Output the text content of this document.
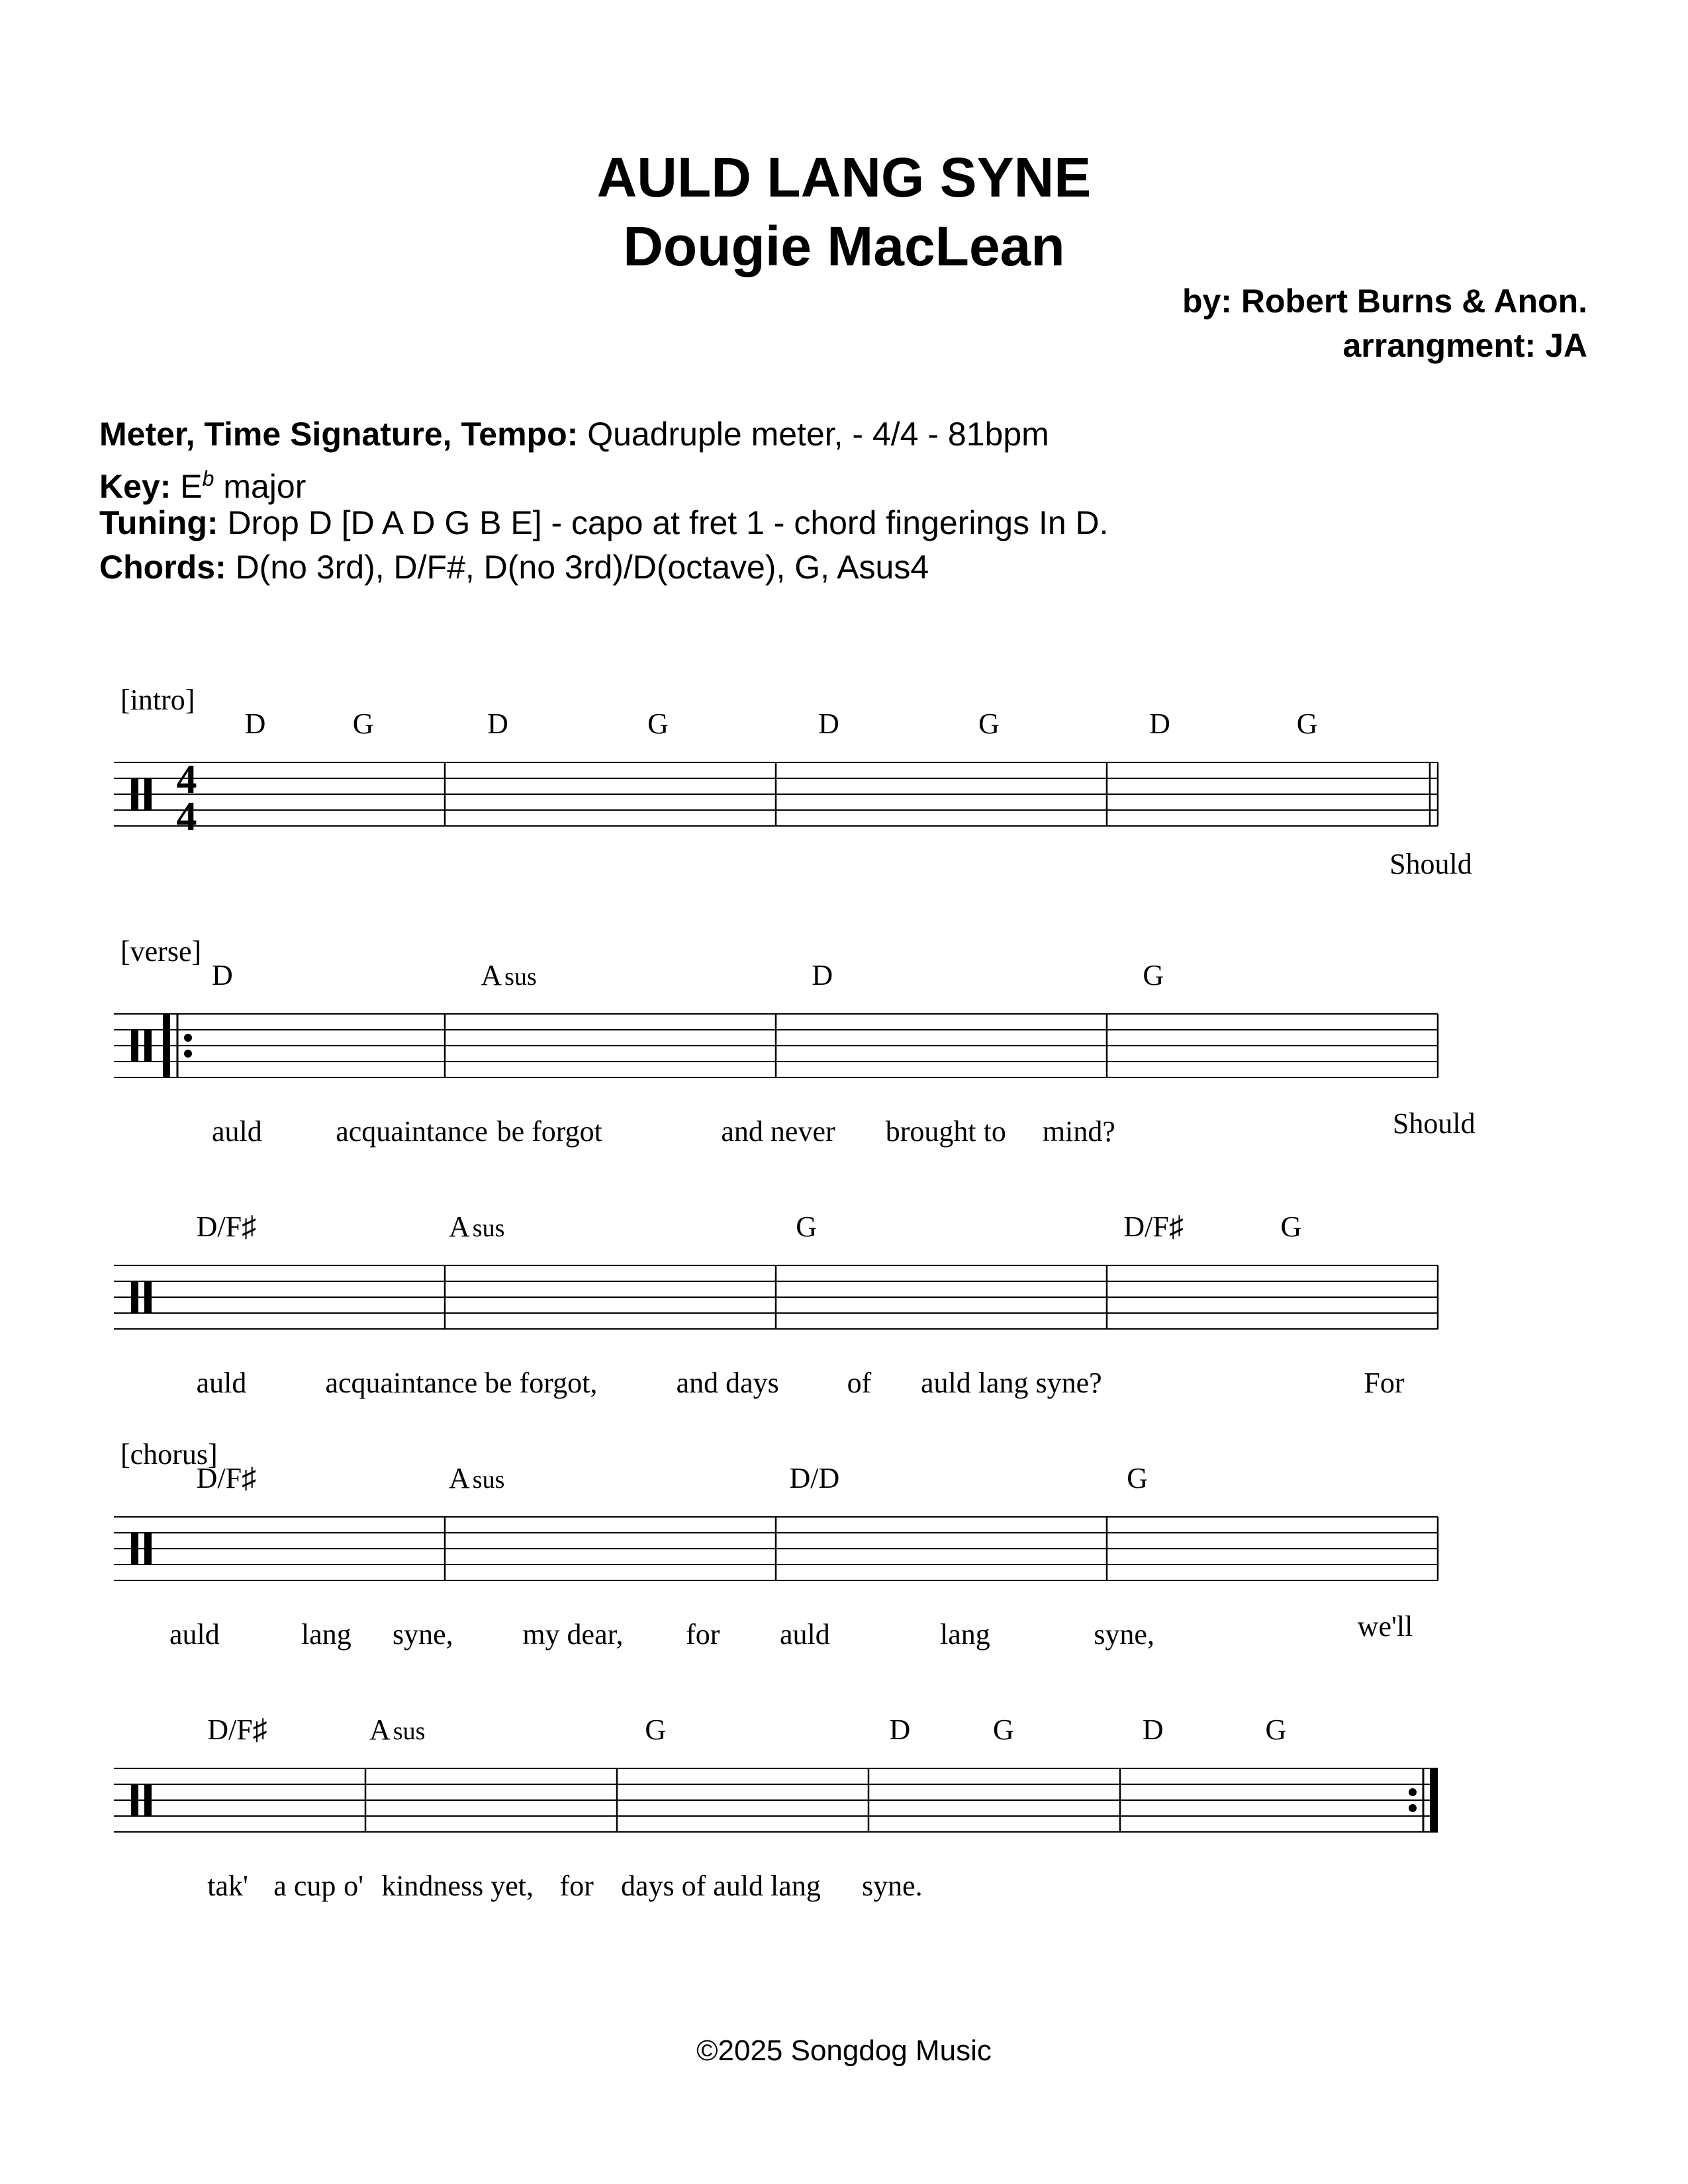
AULD LANG SYNE
Dougie MacLean
by: Robert Burns & Anon.
arrangment: JA
Meter, Time Signature, Tempo: Quadruple meter, - 4/4 - 81bpm
Key: $E^b$ major
Tuning: Drop D [D A D G B E] - capo at fret 1 - chord fingerings In D.
Chords: D(no 3rd), D/F#, D(no 3rd)/D(octave), G, Asus4
4
4
[intro]
D	G	D	G	D	G	D	G
Should
[verse]
D	A sus	D	G
auld	acquaintance be forgot	and never brought to mind?	Should
D/F♯	A sus	G	D/F♯	G
auld	acquaintance be forgot,	and days of auld lang syne?	For
[chorus]
D/F♯	A sus	D/D	G
auld	lang syne, my dear, for auld	lang	syne,	we'll
D/F♯	A sus	G	D	G	D	G
tak' a cup o' kindness yet, for days of auld lang syne.
©2025 Songdog Music
